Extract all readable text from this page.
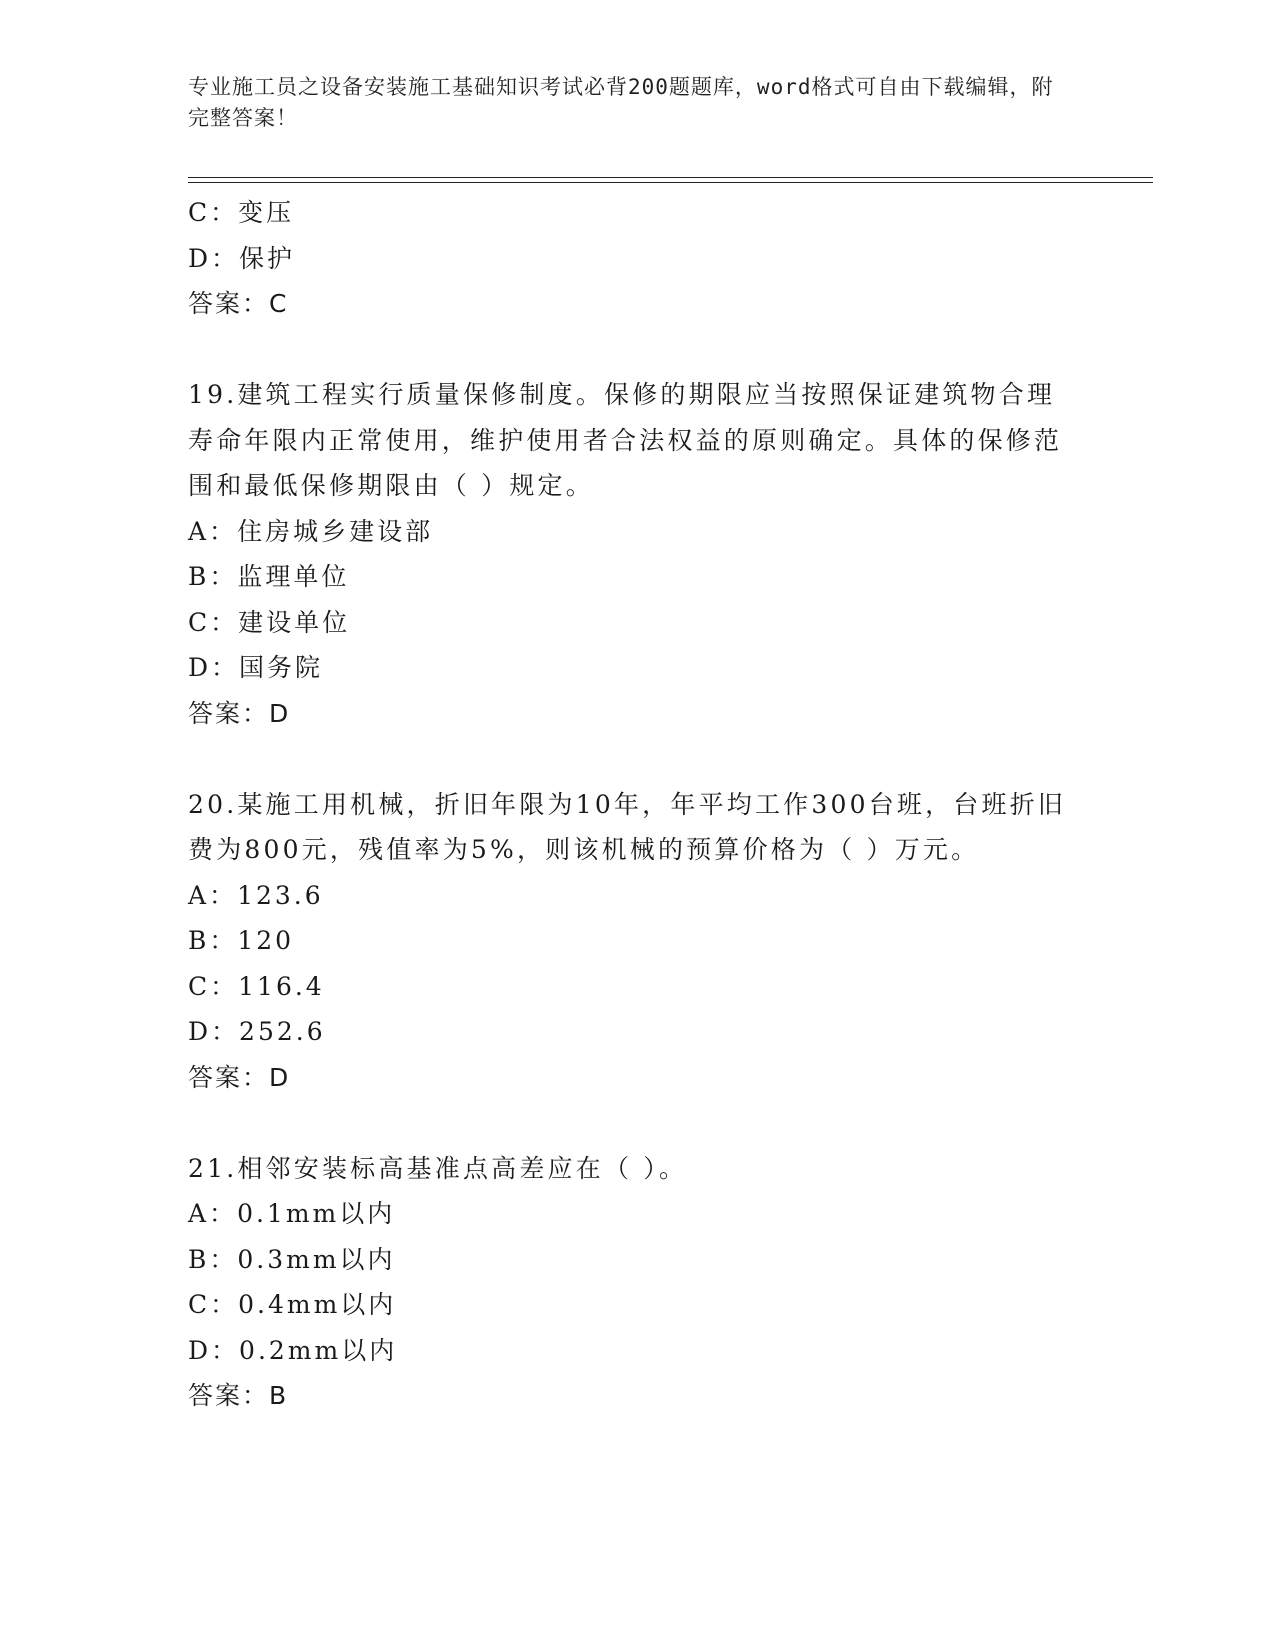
专业施工员之设备安装施工基础知识考试必背200题题库，word格式可自由下载编辑，附完整答案！
C：变压
D：保护
答案：C
19.建筑工程实行质量保修制度。保修的期限应当按照保证建筑物合理寿命年限内正常使用，维护使用者合法权益的原则确定。具体的保修范围和最低保修期限由（ ）规定。
A：住房城乡建设部
B：监理单位
C：建设单位
D：国务院
答案：D
20.某施工用机械，折旧年限为10年，年平均工作300台班，台班折旧费为800元，残值率为5%，则该机械的预算价格为（ ）万元。
A：123.6
B：120
C：116.4
D：252.6
答案：D
21.相邻安装标高基准点高差应在（ ）。
A：0.1mm以内
B：0.3mm以内
C：0.4mm以内
D：0.2mm以内
答案：B
